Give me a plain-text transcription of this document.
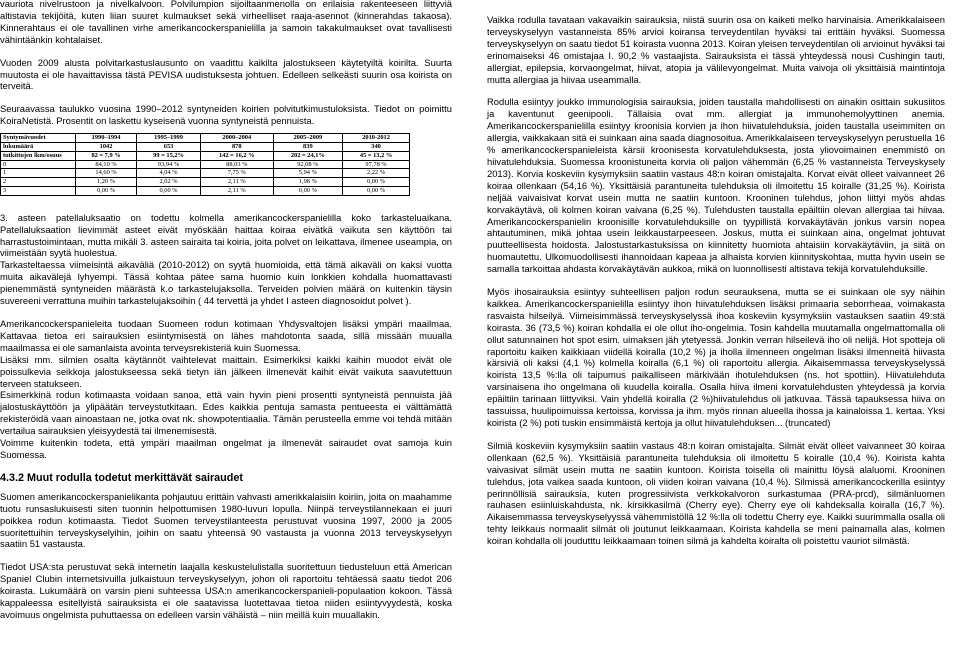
vauriota nivelrustoon ja nivelkalvoon. Polvilumpion sijoiltaanmenolla on erilaisia rakenteeseen liittyviä altistavia tekijöitä, kuten liian suuret kulmaukset sekä virheelliset raaja-asennot (kinnerahdas takaosa). Kinnerahtaus ei ole tavallinen virhe amerikancockerspanielilla ja samoin takakulmaukset ovat tavallisesti vähintäänkin kohtalaiset.

Vuoden 2009 alusta polvitarkastuslausunto on vaadittu kaikilta jalostukseen käytetyiltä koirilta. Suurta muutosta ei ole havaittavissa tästä PEVISA uudistuksesta johtuen. Edelleen selkeästi suurin osa koirista on terveitä.

Seuraavassa taulukko vuosina 1990–2012 syntyneiden koirien polvitutkimustuloksista. Tiedot on poimittu KoiraNetistä. Prosentit on laskettu kyseisenä vuonna syntyneistä pennuista.

Syntymävuodet	1990–1994	1995–1999	2000–2004	2005–2009	2010-2012
lukumäärä	1042	653	878	839	340
tutkittujen lkm/osuus	82 = 7,9 %	99 = 15,2%	142 = 16,2 %	202 = 24,1%	45 = 13,2 %
0	84,10 %	93,94 %	88,03 %	92,08 %	97,78 %
1	14,60 %	4,04 %	7,75 %	5,94 %	2,22 %
2	1,20 %	2,02 %	2,11 %	1,98 %	0,00 %
3	0,00 %	0,00 %	2,11 %	0,00 %	0,00 %

3. asteen patellaluksaatio on todettu kolmella amerikancockerspanielilla koko tarkasteluaikana. Patellaluksaation lievimmät asteet eivät myöskään haittaa koiraa eivätkä vaikuta sen käyttöön tai harrastustoimintaan, mutta mikäli 3. asteen sairaita tai koiria, joita polvet on leikattava, ilmenee useampia, on viimeistään syytä huolestua.

Tarkasteltaessa viimeisintä aikaväliä (2010-2012) on syytä huomioida, että tämä aikaväli on kaksi vuotta muita aikavälejä lyhyempi. Tässä kohtaa pätee sama huomio kuin lonkkien kohdalla huomattavasti pienemmästä syntyneiden määrästä k.o tarkastelujaksolla. Terveiden polvien määrä on kuitenkin täysin suvereeni verrattuna muihin tarkastelujaksoihin ( 44 tervettä ja yhdet I asteen diagnosoidut polvet ).

Amerikancockerspanieleita tuodaan Suomeen rodun kotimaan Yhdysvaltojen lisäksi ympäri maailmaa. Kattavaa tietoa eri sairauksien esiintymisestä on lähes mahdotonta saada, sillä missään muualla maailmassa ei ole samanlaista avointa terveysrekisteriä kuin Suomessa.

Lisäksi mm. silmien osalta käytännöt vaihtelevat maittain. Esimerkiksi kaikki kaihin muodot eivät ole poissulkevia seikkoja jalostukseessa sekä tietyn iän jälkeen ilmenevät kaihit eivät vaikuta saavutettuun terveen statukseen.

Esimerkkinä rodun kotimaasta voidaan sanoa, että vain hyvin pieni prosentti syntyneistä pennuista jää jalostuskäyttöön ja ylipäätän terveystutkitaan. Edes kaikkia pentuja samasta pentueesta ei välttämättä rekisteröidä vaan ainoastaan ne, jotka ovat nk. showpotentiaalia. Tämän perusteella emme voi tehdä mitään vertailua sairauksien yleisyydestä tai ilmenemisestä.

Voimme kuitenkin todeta, että ympäri maailman ongelmat ja ilmenevät sairaudet ovat samoja kuin Suomessa.

4.3.2 Muut rodulla todetut merkittävät sairaudet

Suomen amerikancockerspanielikanta pohjautuu erittäin vahvasti amerikkalaisiin koiriin, joita on maahamme tuotu runsaslukuisesti siten tuonnin helpottumisen 1980-luvun lopulla. Niinpä terveystilannekaan ei juuri poikkea rodun kotimaasta. Tiedot Suomen terveystilanteesta perustuvat vuosina 1997, 2000 ja 2005 suoritettuihin terveyskyselyihin, joihin on saatu yhteensä 90 vastausta ja vuonna 2013 terveyskyselyyn saatiin 51 vastausta.

Tiedot USA:sta perustuvat sekä internetin laajalla keskustelulistalla suoritettuun tiedusteluun että American Spaniel Clubin internetsivuilla julkaistuun terveyskyselyyn, johon oli raportoitu tehtäessä saatu tiedot 206 koirasta. Lukumäärä on varsin pieni suhteessa USA:n amerikancockerspanieli-populaation kokoon. Tässä kappaleessa esitellyistä sairauksista ei ole saatavissa luotettavaa tietoa niiden esiintyvyydestä, koska avoimuus ongelmista puhuttaessa on edelleen varsin vähäistä – niin meillä kuin muuallakin.

Vaikka rodulla tavataan vakavaikin sairauksia, niistä suurin osa on kaiketi melko harvinaisia. Amerikkalaiseen terveyskyselyyn vastanneista 85% arvioi koiransa terveydentilan hyväksi tai erittäin hyväksi. Suomessa terveyskyselyyn on saatu tiedot 51 koirasta vuonna 2013. Koiran yleisen terveydentilan oli arvioinut hyväksi tai erinomaiseksi 46 omistajaa I. 90,2 % vastaajista. Sairauksista ei tässä yhteydessä nousi Cushingin tauti, allergiat, epilepsia, korvaongelmat, hiivat, atopia ja välilevyongelmat. Muita vaivoja oli yksittäisiä maintintoja mutta allergiaa ja hiivaa useammalla.

Rodulla esiintyy joukko immunologisia sairauksia, joiden taustalla mahdollisesti on ainakin osittain sukusiitos ja kaventunut geenipooli. Tällaisia ovat mm. allergiat ja immunohemolyyttinen anemia. Amerikancockerspanielilla esiintyy kroonisia korvien ja ihon hiivatulehduksia, joiden taustalla useimmiten on allergia, vaikkakaan sitä ei suinkaan aina saada diagnosoitua. Amerikkalaiseen terveyskyselyyn perustuella 16 % amerikancockerspanieleista kärsii kroonisesta korvatulehduksesta, josta yliovoimainen enemmistö on hiivatulehduksia. Suomessa kroonistuneita korvia oli paljon vähemmän (6,25 % vastanneista Terveyskysely 2013). Korvia koskeviin kysymyksiin saatiin vastaus 48:n koiran omistajalta. Korvat eivät olleet vaivanneet 26 koiraa ollenkaan (54,16 %). Yksittäisiä parantuneita tulehduksia oli ilmoitettu 15 koiralle (31,25 %). Koirista neljää vaivaisivat korvat usein mutta ne saatiin kuntoon. Krooninen tulehdus, johon liittyi myös ahdas korvakäytävä, oli kolmen koiran vaivana (6,25 %). Tulehdusten taustalla epäiltiin olevan allergiaa tai hiivaa. Amerikancockerspanielin kroonisille korvatulehduksille on tyypillistä korvakäytävän jonkus varsin nopea ahtautuminen, mikä johtaa usein leikkaustarpeeseen. Joskus, mutta ei suinkaan aina, ongelmat johtuvat puutteellisesta hoidosta. Jalostustarkastuksissa on kiinnitetty huomiota ahtaisiin korvakäytäviin, ja siitä on huomautettu. Ulkomuodollisesti ihannoidaan kapeaa ja alhaista korvien kiinnityskohtaa, mutta hyvin usein se samalla tarkoittaa ahdasta korvakäytävän aukkoa, mikä on luonnollisesti altistava tekijä korvatulehduksille.

Myös ihosairauksia esiintyy suhteellisen paljon rodun seurauksena, mutta se ei suinkaan ole syy näihin kaikkea. Amerikancockerspanielilla esiintyy ihon hiivatulehduksen lisäksi primaaria seborrheaa, voimakasta rasvaista hilseilyä. Viimeisimmässä terveyskyselyssä ihoa koskeviin kysymyksiin vastauksen saatiin 49:stä koirasta. 36 (73,5 %) koiran kohdalla ei ole ollut iho-ongelmia. Tosin kahdella muutamalla ongelmattomalla oli ollut satunnainen hot spot esim. uimaksen jäh ytetyessä. Jonkin verran hilseilevä iho oli nelijä. Hot spotteja oli raportoitu kaiken kaikkiaan viidellä koiralla (10,2 %) ja iholla ilmenneen ongelman lisäksi ilmenneitä hiivasta kärsiviä oli kaksi (4,1 %) kolmella koiralla (6,1 %) oli raportoitu allergia. Aikaisemmassa terveyskyselyssä koirista 13,5 %:lla oli taipumus paikalliseen märkivään ihotulehduksen (ns. hot spottiin). Hiivatulehduta varsinaisena iho ongelmana oli kuudella koiralla. Osalla hiiva ilmeni korvatulehdusten yhteydessä ja korvia epäiltiin tarinaan liittyviksi. Vain yhdellä koiralla (2 %)hiivatulehdus oli jatkuvaa. Tässä tapauksessa hiiva on tassuissa, huulipoimuissa kertoissa, korvissa ja ihm. myös rinnan alueella ihossa ja kainaloissa 1. kertaa. Yksi koirista (2 %) poti tuskin ensimmäistä kertoja ja ollut hiivatulehduksen... (truncated)

Silmiä koskeviin kysymyksiin saatiin vastaus 48:n koiran omistajalta. Silmät eivät olleet vaivanneet 30 koiraa ollenkaan (62,5 %). Yksittäisiä parantuneita tulehduksia oli ilmoitettu 5 koiralle (10,4 %). Koirista kahta vaivasivat silmät usein mutta ne saatiin kuntoon. Koirista toisella oli mainittu löysä alaluomi. Krooninen tulehdus, jota vaikea saada kuntoon, oli viiden koiran vaivana (10,4 %). Silmissä amerikancockerilla esiintyy perinnöllisiä sairauksia, kuten progressiivista verkkokalvoron surkastumaa (PRA-prcd), silmänluomen rauhasen esiinluiskahdusta, nk. kirsikkasilmä (Cherry eye). Cherry eye oli kahdeksalla koiralla (16,7 %). Aikaisemmassa terveyskyselyyssä vähemmistöllä 12 %:lla oli todettu Cherry eye. Kaikki suurimmalla osalla oli tehty leikkaus normaalit silmät oli joutunut leikkaamaan. Koirista kahdella se meni painamalla alas, kolmen koiran kohdalla oli joudutttu leikkaamaan toinen silmä ja kahdelta koiralta oli poistettu vauriot silmästä.
